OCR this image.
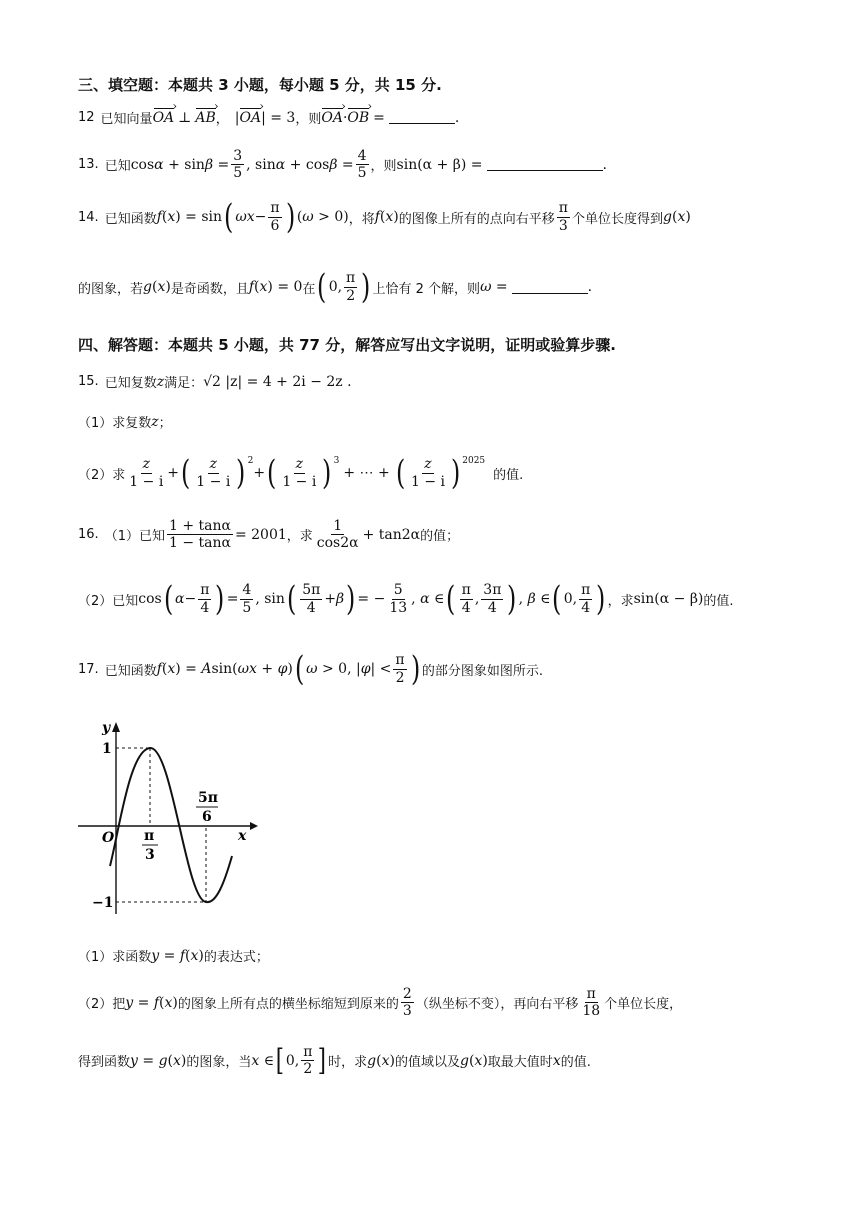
三、填空题：本题共 3 小题，每小题 5 分，共 15 分.
12 已知向量 OA › ⊥ AB › ， |OA ›| = 3 ，则 OA › · OB › =	.
13. 已知 $\cos\alpha + \sin\beta = \frac{3}{5}$ , $\sin\alpha + \cos\beta = \frac{4}{5}$ ，则 sin(α + β) =	.
14. 已知函数 f(x) = sin ( $\omega x - \frac{\pi}{6}$ ) (ω > 0) ，将 f(x) 的图像上所有的点向右平移 $\frac{\pi}{3}$ 个单位长度得到 g(x)
的图象，若 g(x) 是奇函数，且 f(x) = 0 在 ( 0, $\frac{\pi}{2}$ ) 上恰有 2 个解，则 ω =	.
四、解答题：本题共 5 小题，共 77 分，解答应写出文字说明，证明或验算步骤.
15. 已知复数 z 满足： √2 |z| = 4 + 2i − 2z .
（1）求复数 z ；
（2）求 $\frac{z}{1 - i}$ + ( $\frac{z}{1 - i} )^2$
+ ( $\frac{z}{1 - i} )^3$
+ ⋯ + ( $\frac{z}{1 - i} )^{2025}$
的值.
16. （1）已知 $\frac{1 + \tan\alpha}{1 - \tan\alpha} = 2001$ ，求 $\frac{1}{\cos 2\alpha} + \tan 2\alpha$ 的值；
（2）已知 cos ( $\alpha - \frac{\pi}{4}$ ) = $\frac{4}{5}$ , sin ( $\frac{5\pi}{4} + \beta$ ) = − $\frac{5}{13}$ , α ∈ ( $\frac{\pi}{4}$ , $\frac{3\pi}{4}$ ) , β ∈ ( 0, $\frac{\pi}{4}$ ) ，求 sin(α − β) 的值.
17. 已知函数 f(x) = Asin(ωx + φ) ( ω > 0, $|\varphi| < \frac{\pi}{2}$ ) 的部分图象如图所示.
y
x
O
1
−1
π
3
5π
6
（1）求函数 y = f(x) 的表达式；
（2）把 y = f(x) 的图象上所有点的横坐标缩短到原来的 $\frac{2}{3}$ （纵坐标不变），再向右平移 $\frac{\pi}{18}$ 个单位长度，
得到函数 y = g(x) 的图象，当 x ∈ [ 0, $\frac{\pi}{2}$ ] 时，求 g(x) 的值域以及 g(x) 取最大值时 x 的值.
